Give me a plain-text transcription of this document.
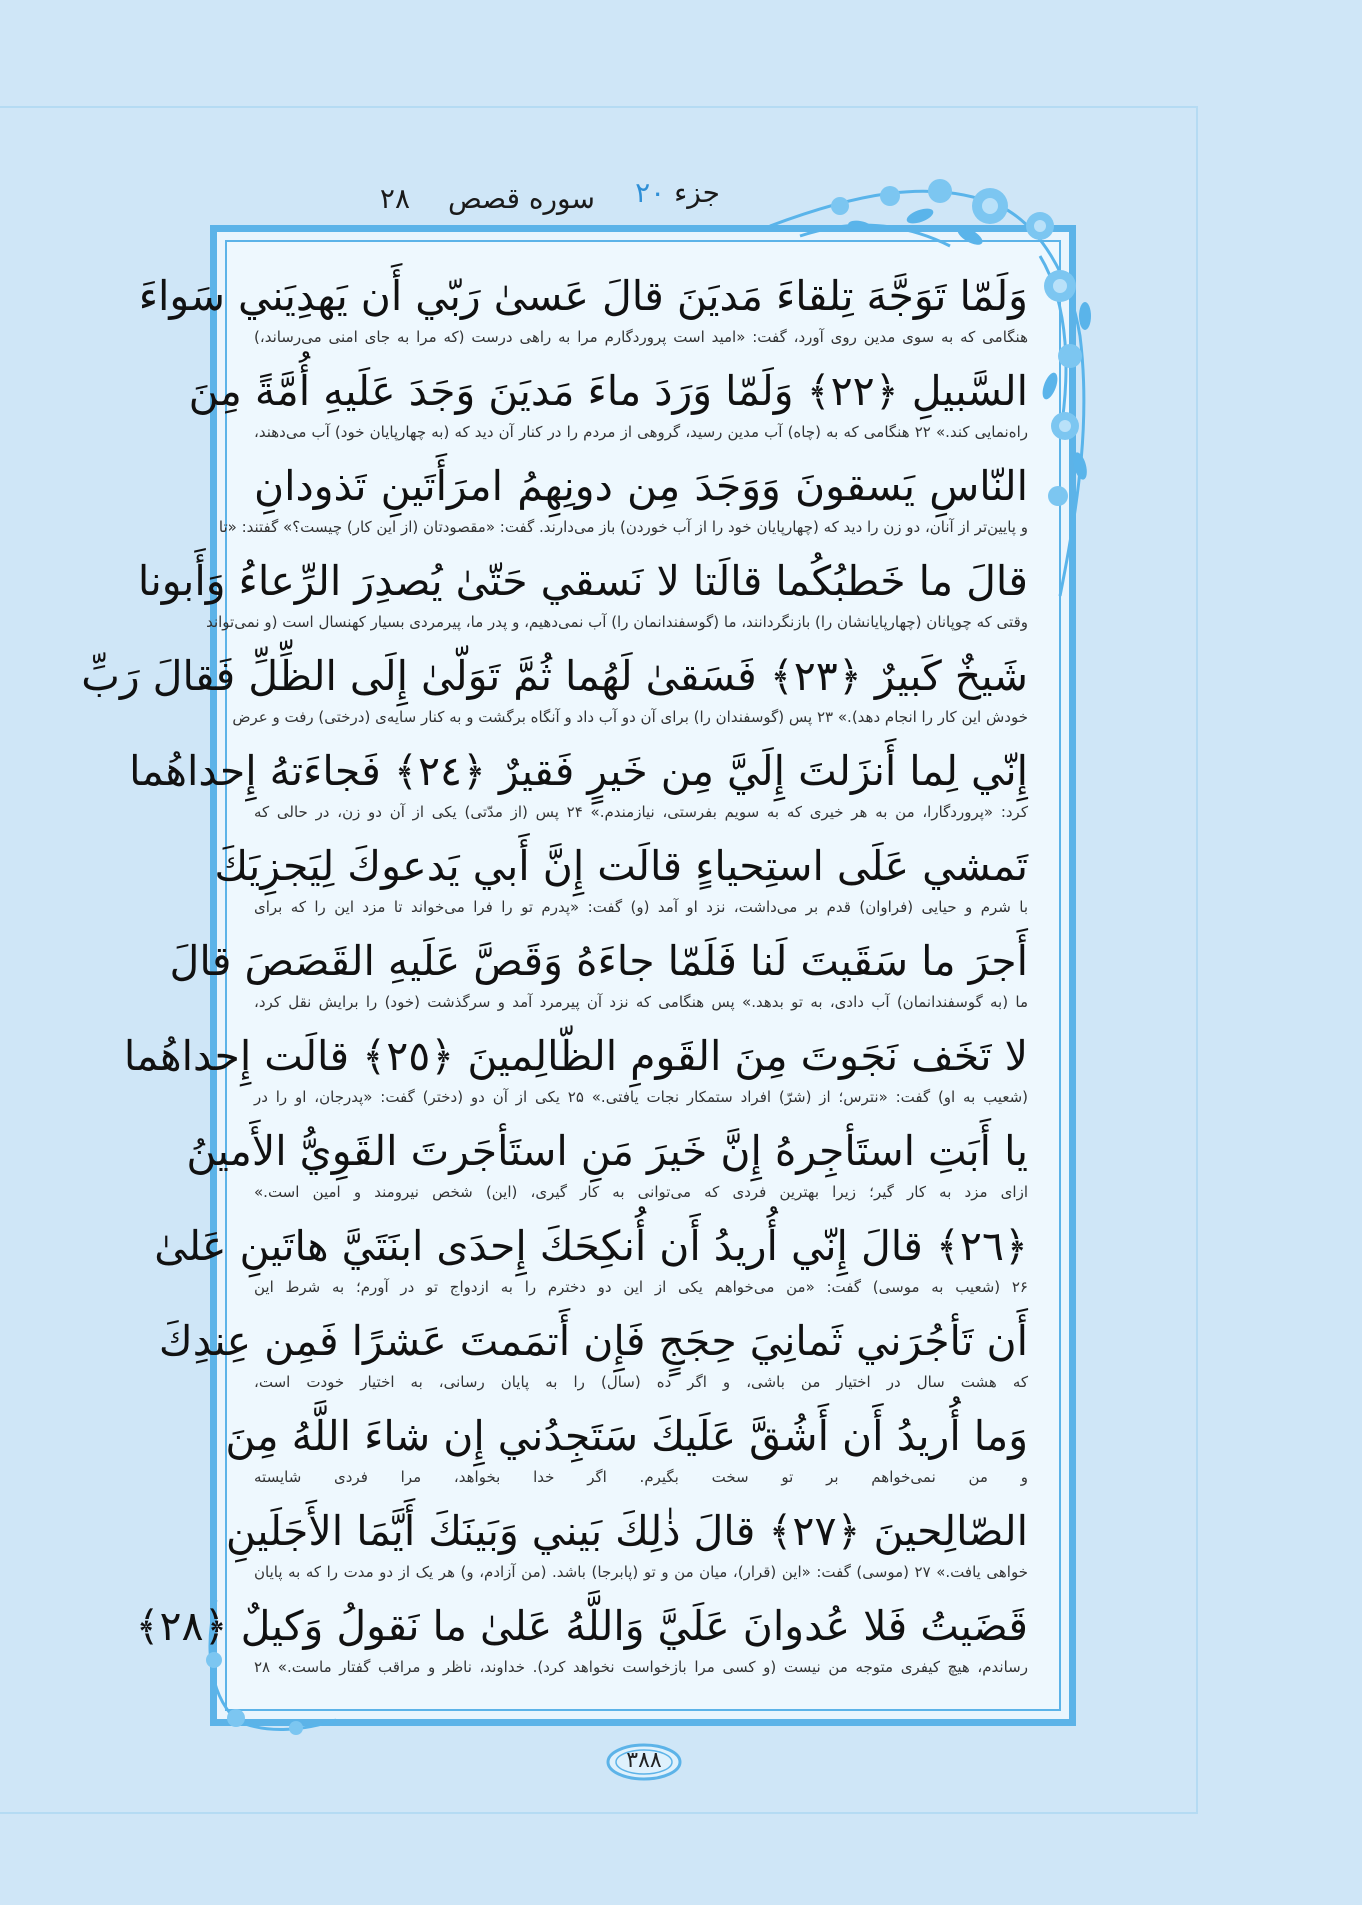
جزء ۲۰
سوره قصص
۲۸
وَلَمّا تَوَجَّهَ تِلقاءَ مَديَنَ قالَ عَسىٰ رَبّي أَن يَهدِيَني سَواءَ
هنگامی که به سوی مدین روی آورد، گفت: «امید است پروردگارم مرا به راهی درست (که مرا به جای امنی می‌رساند،)
السَّبيلِ ﴿٢٢﴾ وَلَمّا وَرَدَ ماءَ مَديَنَ وَجَدَ عَلَيهِ أُمَّةً مِنَ
راه‌نمایی کند.» ۲۲ هنگامی که به (چاه) آب مدین رسید، گروهی از مردم را در کنار آن دید که (به چهارپایان خود) آب می‌دهند،
النّاسِ يَسقونَ وَوَجَدَ مِن دونِهِمُ امرَأَتَينِ تَذودانِ
و پایین‌تر از آنان، دو زن را دید که (چهارپایان خود را از آب خوردن) باز می‌دارند. گفت: «مقصودتان (از این کار) چیست؟» گفتند: «تا
قالَ ما خَطبُكُما قالَتا لا نَسقي حَتّىٰ يُصدِرَ الرِّعاءُ وَأَبونا
وقتی که چوپانان (چهارپایانشان را) بازنگردانند، ما (گوسفندانمان را) آب نمی‌دهیم، و پدر ما، پیرمردی بسیار کهنسال است (و نمی‌تواند
شَيخٌ كَبيرٌ ﴿٢٣﴾ فَسَقىٰ لَهُما ثُمَّ تَوَلّىٰ إِلَى الظِّلِّ فَقالَ رَبِّ
خودش این کار را انجام دهد).» ۲۳ پس (گوسفندان را) برای آن دو آب داد و آنگاه برگشت و به کنار سایه‌ی (درختی) رفت و عرض
إِنّي لِما أَنزَلتَ إِلَيَّ مِن خَيرٍ فَقيرٌ ﴿٢٤﴾ فَجاءَتهُ إِحداهُما
کرد: «پروردگارا، من به هر خیری که به سویم بفرستی، نیازمندم.» ۲۴ پس (از مدّتی) یکی از آن دو زن، در حالی که
تَمشي عَلَى استِحياءٍ قالَت إِنَّ أَبي يَدعوكَ لِيَجزِيَكَ
با شرم و حیایی (فراوان) قدم بر می‌داشت، نزد او آمد (و) گفت: «پدرم تو را فرا می‌خواند تا مزد این را که برای
أَجرَ ما سَقَيتَ لَنا فَلَمّا جاءَهُ وَقَصَّ عَلَيهِ القَصَصَ قالَ
ما (به گوسفندانمان) آب دادی، به تو بدهد.» پس هنگامی که نزد آن پیرمرد آمد و سرگذشت (خود) را برایش نقل کرد،
لا تَخَف نَجَوتَ مِنَ القَومِ الظّالِمينَ ﴿٢٥﴾ قالَت إِحداهُما
(شعیب به او) گفت: «نترس؛ از (شرّ) افراد ستمکار نجات یافتی.» ۲۵ یکی از آن دو (دختر) گفت: «پدرجان، او را در
يا أَبَتِ استَأجِرهُ إِنَّ خَيرَ مَنِ استَأجَرتَ القَوِيُّ الأَمينُ
ازای مزد به کار گیر؛ زیرا بهترین فردی که می‌توانی به کار گیری، (این) شخص نیرومند و امین است.»
﴿٢٦﴾ قالَ إِنّي أُريدُ أَن أُنكِحَكَ إِحدَى ابنَتَيَّ هاتَينِ عَلىٰ
۲۶ (شعیب به موسی) گفت: «من می‌خواهم یکی از این دو دخترم را به ازدواج تو در آورم؛ به شرط این
أَن تَأجُرَني ثَمانِيَ حِجَجٍ فَإِن أَتمَمتَ عَشرًا فَمِن عِندِكَ
که هشت سال در اختیار من باشی، و اگر ده (سال) را به پایان رسانی، به اختیار خودت است،
وَما أُريدُ أَن أَشُقَّ عَلَيكَ سَتَجِدُني إِن شاءَ اللَّهُ مِنَ
و من نمی‌خواهم بر تو سخت بگیرم. اگر خدا بخواهد، مرا فردی شایسته
الصّالِحينَ ﴿٢٧﴾ قالَ ذٰلِكَ بَيني وَبَينَكَ أَيَّمَا الأَجَلَينِ
خواهی یافت.» ۲۷ (موسی) گفت: «این (قرار)، میان من و تو (پابرجا) باشد. (من آزادم، و) هر یک از دو مدت را که به پایان
قَضَيتُ فَلا عُدوانَ عَلَيَّ وَاللَّهُ عَلىٰ ما نَقولُ وَكيلٌ ﴿٢٨﴾
رساندم، هیچ کیفری متوجه من نیست (و کسی مرا بازخواست نخواهد کرد). خداوند، ناظر و مراقب گفتار ماست.» ۲۸
۳۸۸
